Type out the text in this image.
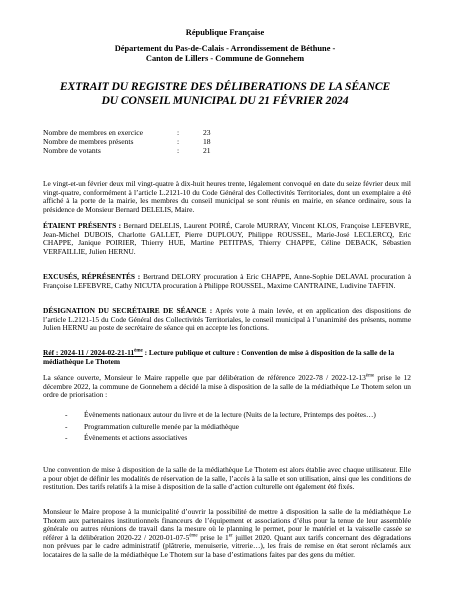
République Française
Département du Pas-de-Calais - Arrondissement de Béthune -
Canton de Lillers - Commune de Gonnehem
EXTRAIT DU REGISTRE DES DÉLIBERATIONS DE LA SÉANCE
DU CONSEIL MUNICIPAL DU 21 FÉVRIER 2024
Nombre de membres en exercice	:	23
Nombre de membres présents	:	18
Nombre de votants	:	21
Le vingt-et-un février deux mil vingt-quatre à dix-huit heures trente, légalement convoqué en date du seize février deux mil vingt-quatre, conformément à l’article L.2121-10 du Code Général des Collectivités Territoriales, dont un exemplaire a été affiché à la porte de la mairie, les membres du conseil municipal se sont réunis en mairie, en séance ordinaire, sous la présidence de Monsieur Bernard DELELIS, Maire.
ÉTAIENT PRÉSENTS : Bernard DELELIS, Laurent POIRÉ, Carole MURRAY, Vincent KLOS, Françoise LEFEBVRE, Jean-Michel DUBOIS, Charlotte GALLET, Pierre DUPLOUY, Philippe ROUSSEL, Marie-José LECLERCQ, Eric CHAPPE, Janique POIRIER, Thierry HUE, Martine PETITPAS, Thierry CHAPPE, Céline DEBACK, Sébastien VERFAILLIE, Julien HERNU.
EXCUSÉS, RÉPRÉSENTÉS : Bertrand DELORY procuration à Eric CHAPPE, Anne-Sophie DELAVAL procuration à Françoise LEFEBVRE, Cathy NICUTA procuration à Philippe ROUSSEL, Maxime CANTRAINE, Ludivine TAFFIN.
DÉSIGNATION DU SECRÉTAIRE DE SÉANCE : Après vote à main levée, et en application des dispositions de l’article L.2121-15 du Code Général des Collectivités Territoriales, le conseil municipal à l’unanimité des présents, nomme Julien HERNU au poste de secrétaire de séance qui en accepte les fonctions.
Réf : 2024-11 / 2024-02-21-11ème : Lecture publique et culture : Convention de mise à disposition de la salle de la médiathèque Le Thotem
La séance ouverte, Monsieur le Maire rappelle que par délibération de référence 2022-78 / 2022-12-13ème prise le 12 décembre 2022, la commune de Gonnehem a décidé la mise à disposition de la salle de la médiathèque Le Thotem selon un ordre de priorisation :
- Évènements nationaux autour du livre et de la lecture (Nuits de la lecture, Printemps des poètes…)
- Programmation culturelle menée par la médiathèque
- Évènements et actions associatives
Une convention de mise à disposition de la salle de la médiathèque Le Thotem est alors établie avec chaque utilisateur. Elle a pour objet de définir les modalités de réservation de la salle, l’accès à la salle et son utilisation, ainsi que les conditions de restitution. Des tarifs relatifs à la mise à disposition de la salle d’action culturelle ont également été fixés.
Monsieur le Maire propose à la municipalité d’ouvrir la possibilité de mettre à disposition la salle de la médiathèque Le Thotem aux partenaires institutionnels financeurs de l’équipement et associations d’élus pour la tenue de leur assemblée générale ou autres réunions de travail dans la mesure où le planning le permet, pour le matériel et la vaisselle cassée se référer à la délibération 2020-22 / 2020-01-07-5ème prise le 1er juillet 2020. Quant aux tarifs concernant des dégradations non prévues par le cadre administratif (plâtrerie, menuiserie, vitrerie…), les frais de remise en état seront réclamés aux locataires de la salle de la médiathèque Le Thotem sur la base d’estimations faites par des gens du métier.
